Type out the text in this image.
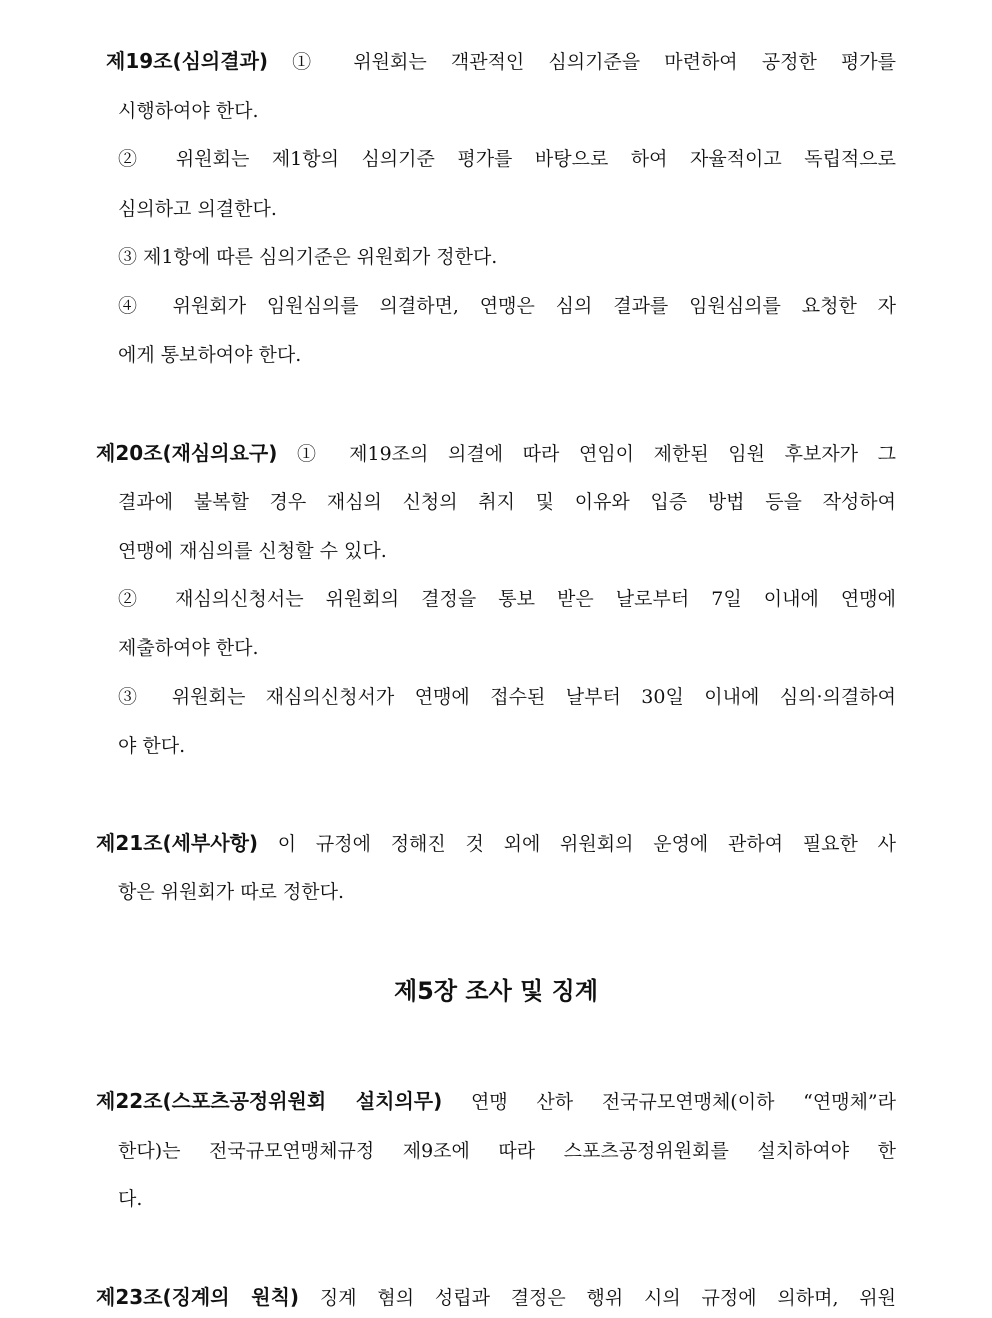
제19조(심의결과) ① 위원회는 객관적인 심의기준을 마련하여 공정한 평가를
시행하여야 한다.
② 위원회는 제1항의 심의기준 평가를 바탕으로 하여 자율적이고 독립적으로
심의하고 의결한다.
③ 제1항에 따른 심의기준은 위원회가 정한다.
④ 위원회가 임원심의를 의결하면, 연맹은 심의 결과를 임원심의를 요청한 자
에게 통보하여야 한다.
제20조(재심의요구) ① 제19조의 의결에 따라 연임이 제한된 임원 후보자가 그
결과에 불복할 경우 재심의 신청의 취지 및 이유와 입증 방법 등을 작성하여
연맹에 재심의를 신청할 수 있다.
② 재심의신청서는 위원회의 결정을 통보 받은 날로부터 7일 이내에 연맹에
제출하여야 한다.
③ 위원회는 재심의신청서가 연맹에 접수된 날부터 30일 이내에 심의·의결하여
야 한다.
제21조(세부사항) 이 규정에 정해진 것 외에 위원회의 운영에 관하여 필요한 사
항은 위원회가 따로 정한다.
제5장 조사 및 징계
제22조(스포츠공정위원회 설치의무) 연맹 산하 전국규모연맹체(이하 “연맹체”라
한다)는 전국규모연맹체규정 제9조에 따라 스포츠공정위원회를 설치하여야 한
다.
제23조(징계의 원칙) 징계 혐의 성립과 결정은 행위 시의 규정에 의하며, 위원
